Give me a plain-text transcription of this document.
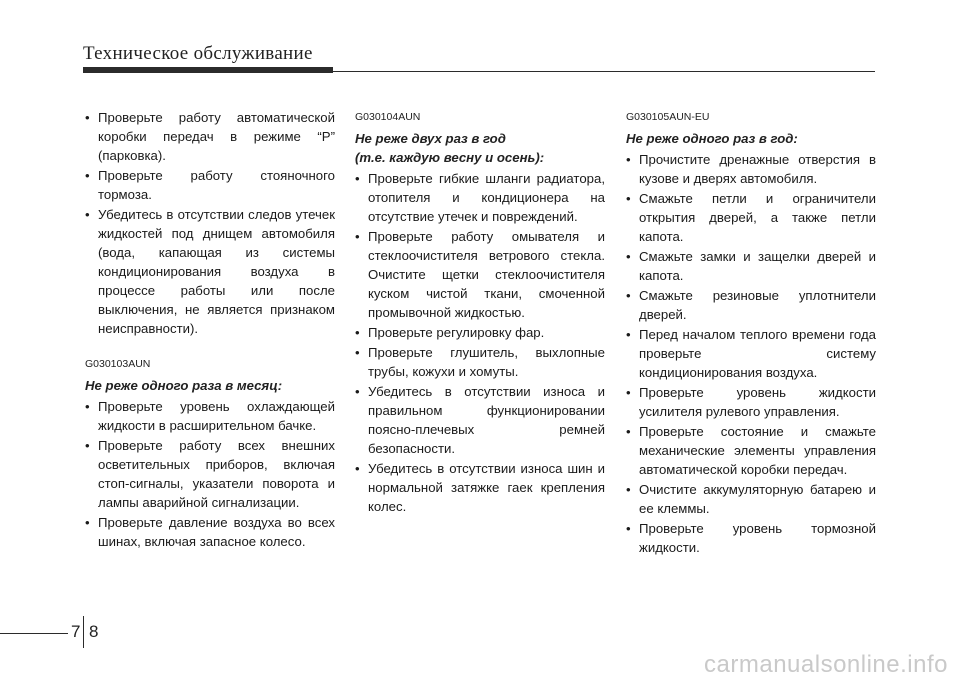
Техническое обслуживание
• Проверьте работу автоматической коробки передач в режиме “P” (парковка).
• Проверьте работу стояночного тормоза.
• Убедитесь в отсутствии следов утечек жидкостей под днищем автомобиля (вода, капающая из системы кондиционирования воздуха в процессе работы или после выключения, не является признаком неисправности).

G030103AUN

Не реже одного раза в месяц:

• Проверьте уровень охлаждающей жидкости в расширительном бачке.
• Проверьте работу всех внешних осветительных приборов, включая стоп-сигналы, указатели поворота и лампы аварийной сигнализации.
• Проверьте давление воздуха во всех шинах, включая запасное колесо.

G030104AUN

Не реже двух раз в год

(т.е. каждую весну и осень):

• Проверьте гибкие шланги радиатора, отопителя и кондиционера на отсутствие утечек и повреждений.
• Проверьте работу омывателя и стеклоочистителя ветрового стекла. Очистите щетки стеклоочистителя куском чистой ткани, смоченной промывочной жидкостью.
• Проверьте регулировку фар.
• Проверьте глушитель, выхлопные трубы, кожухи и хомуты.
• Убедитесь в отсутствии износа и правильном функционировании поясно-плечевых ремней безопасности.
• Убедитесь в отсутствии износа шин и нормальной затяжке гаек крепления колес.

G030105AUN-EU

Не реже одного раз в год:

• Прочистите дренажные отверстия в кузове и дверях автомобиля.
• Смажьте петли и ограничители открытия дверей, а также петли капота.
• Смажьте замки и защелки дверей и капота.
• Смажьте резиновые уплотнители дверей.
• Перед началом теплого времени года проверьте систему кондиционирования воздуха.
• Проверьте уровень жидкости усилителя рулевого управления.
• Проверьте состояние и смажьте механические элементы управления автоматической коробки передач.
• Очистите аккумуляторную батарею и ее клеммы.
• Проверьте уровень тормозной жидкости.
7 8
carmanualsonline.info
